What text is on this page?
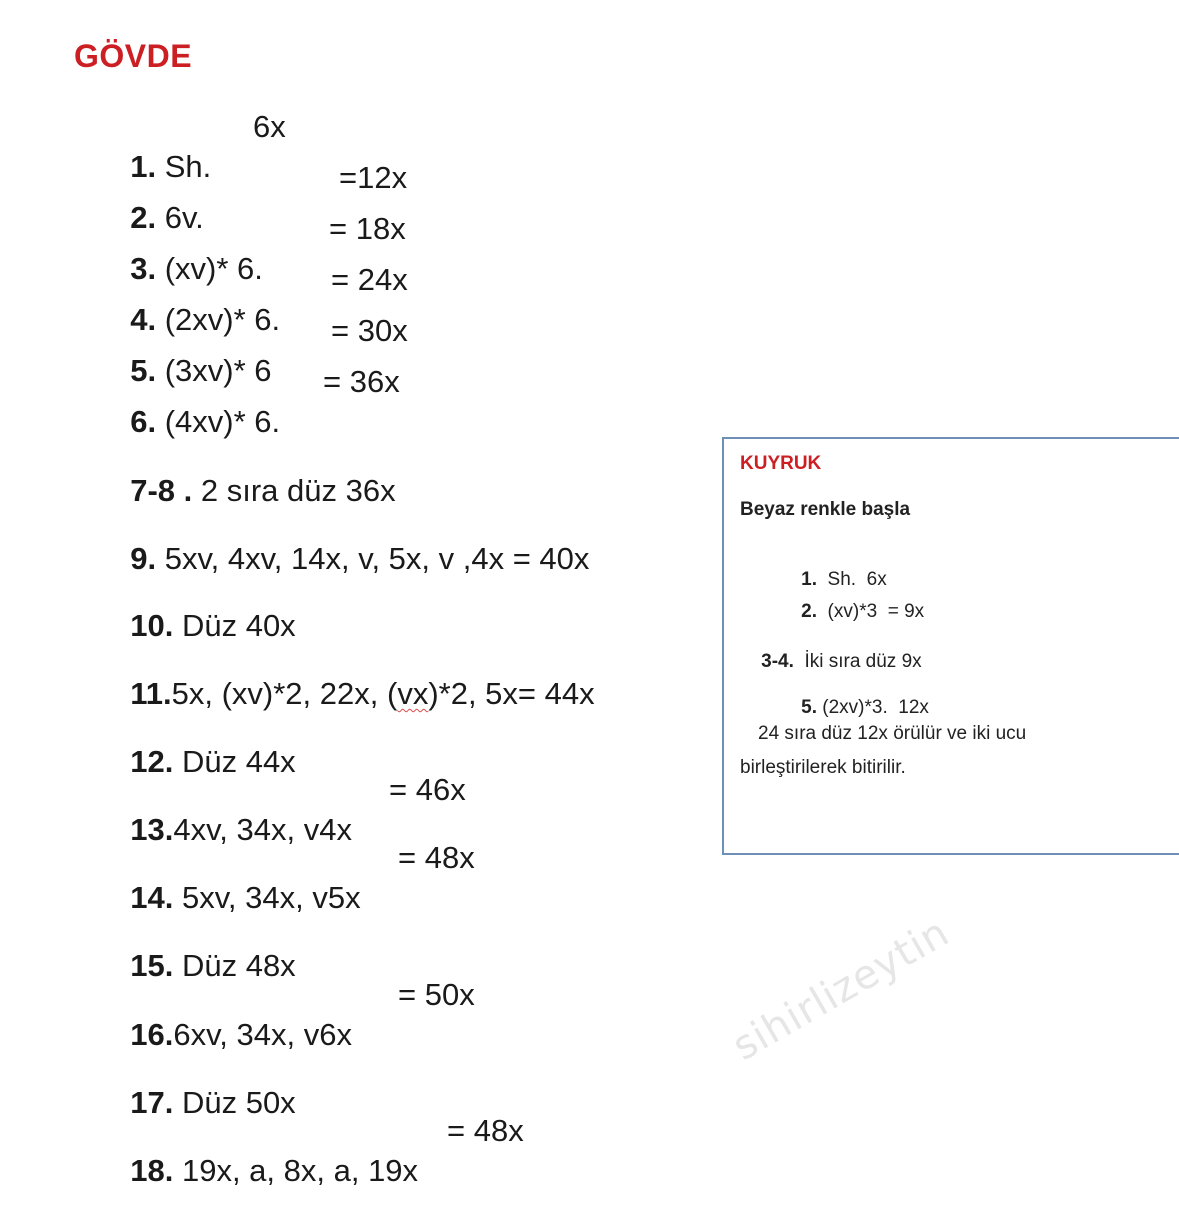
GÖVDE

1. Sh.

6x

2. 6v.

=12x

3. (xv)* 6.

= 18x

4. (2xv)* 6.

= 24x

5. (3xv)* 6

= 30x

6. (4xv)* 6.

= 36x

7-8 . 2 sıra düz 36x

9. 5xv, 4xv, 14x, v, 5x, v ,4x = 40x

10. Düz 40x

11.5x, (xv)*2, 22x, (vx)*2, 5x= 44x

12. Düz 44x

13.4xv, 34x, v4x

= 46x

14. 5xv, 34x, v5x

= 48x

15. Düz 48x

16.6xv, 34x, v6x

= 50x

17. Düz 50x

18. 19x, a, 8x, a, 19x

= 48x

KUYRUK
Beyaz renkle başla

1. Sh.  6x

2. (xv)*3  = 9x

3-4. İki sıra düz 9x

5. (2xv)*3.  12x

24 sıra düz 12x örülür ve iki ucu
birleştirilerek bitirilir.
sihirlizeytin
